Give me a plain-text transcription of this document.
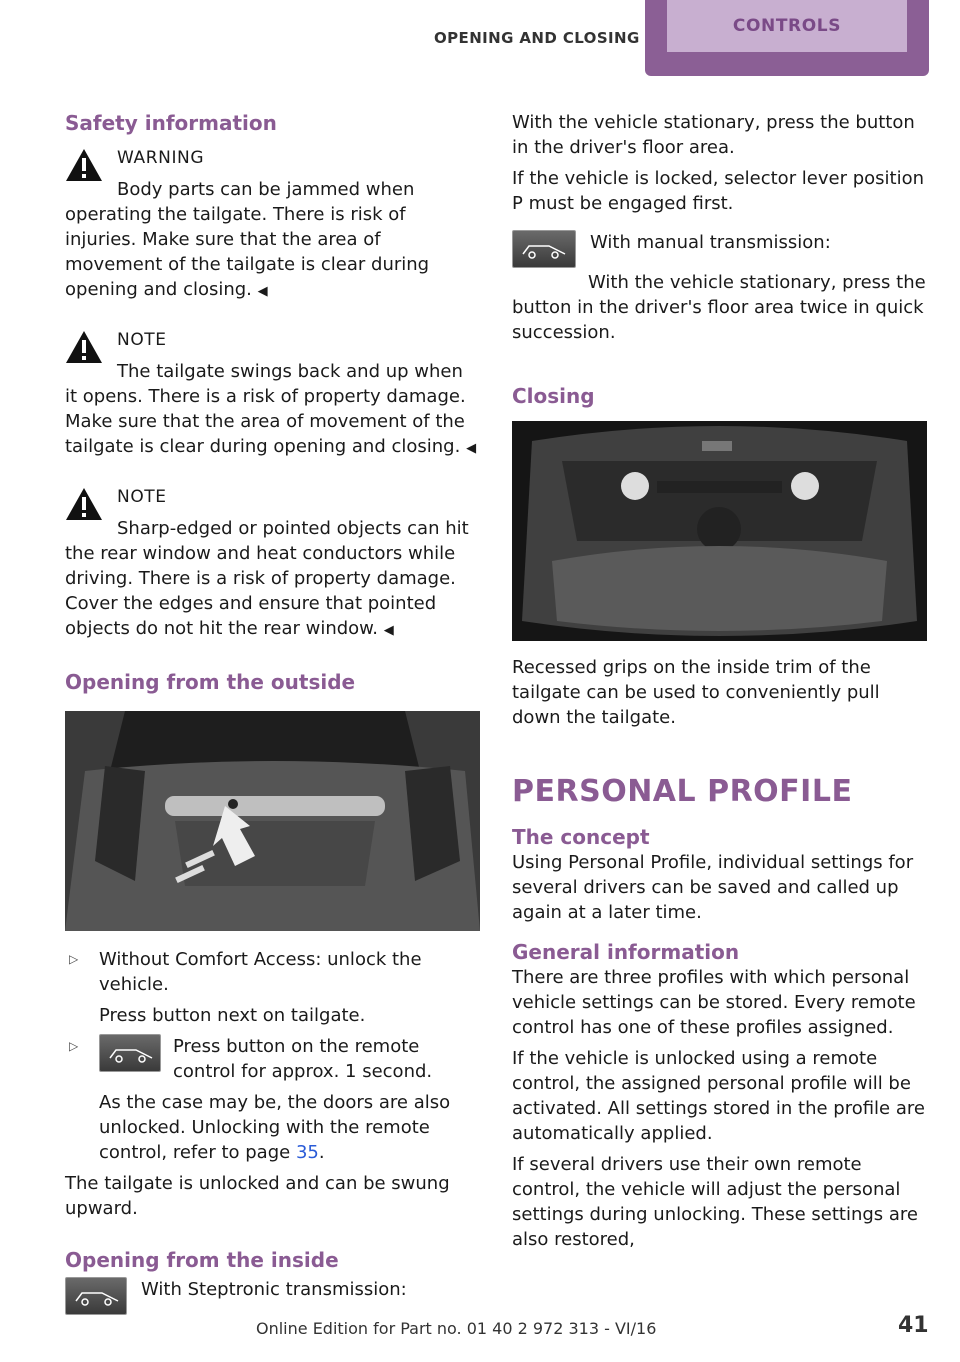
OPENING AND CLOSING
CONTROLS
Safety information
WARNING

Body parts can be jammed when operating the tailgate. There is risk of injuries. Make sure that the area of movement of the tailgate is clear during opening and closing. ◀

NOTE

The tailgate swings back and up when it opens. There is a risk of property damage. Make sure that the area of movement of the tailgate is clear during opening and closing. ◀

NOTE

Sharp-edged or pointed objects can hit the rear window and heat conductors while driving. There is a risk of property damage. Cover the edges and ensure that pointed objects do not hit the rear window. ◀

Opening from the outside
▷ Without Comfort Access: unlock the vehicle.

Press button next on tailgate.

▷	Press button on the remote control for approx. 1 second.

As the case may be, the doors are also unlocked. Unlocking with the remote control, refer to page 35.

The tailgate is unlocked and can be swung upward.

Opening from the inside

With Steptronic transmission:

With the vehicle stationary, press the button in the driver's floor area.

If the vehicle is locked, selector lever position P must be engaged first.

With manual transmission:

With the vehicle stationary, press the button in the driver's floor area twice in quick succession.

Closing

Recessed grips on the inside trim of the tailgate can be used to conveniently pull down the tailgate.

PERSONAL PROFILE
The concept

Using Personal Profile, individual settings for several drivers can be saved and called up again at a later time.

General information

There are three profiles with which personal vehicle settings can be stored. Every remote control has one of these profiles assigned.

If the vehicle is unlocked using a remote control, the assigned personal profile will be activated. All settings stored in the profile are automatically applied.

If several drivers use their own remote control, the vehicle will adjust the personal settings during unlocking. These settings are also restored,

Online Edition for Part no. 01 40 2 972 313 - VI/16	41
